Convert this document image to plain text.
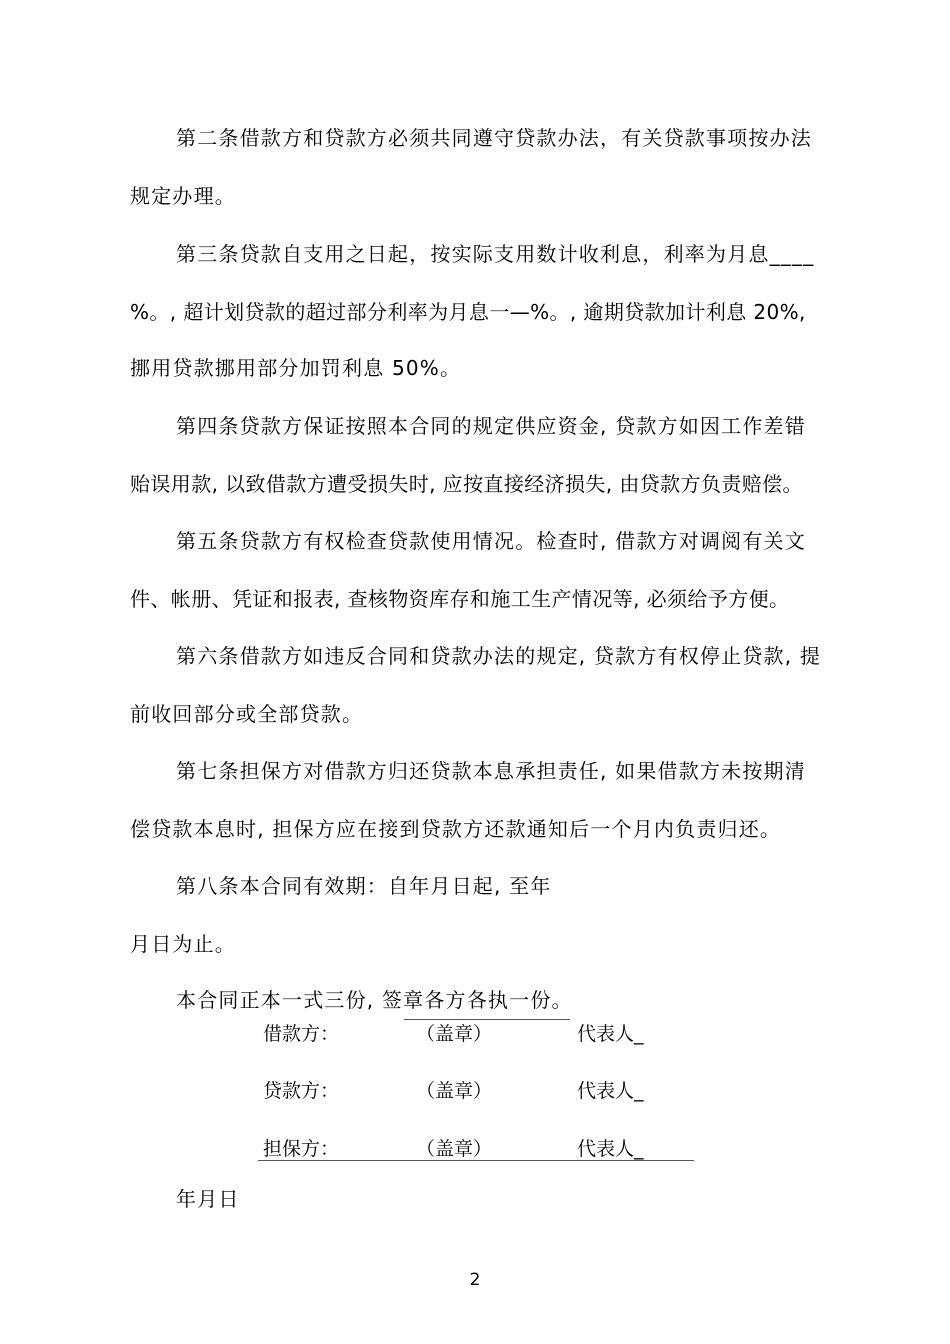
第二条借款方和贷款方必须共同遵守贷款办法，有关贷款事项按办法
规定办理。
第三条贷款自支用之日起，按实际支用数计收利息，利率为月息____
%。, 超计划贷款的超过部分利率为月息一—%。, 逾期贷款加计利息 20%,
挪用贷款挪用部分加罚利息 50%。
第四条贷款方保证按照本合同的规定供应资金, 贷款方如因工作差错
贻误用款, 以致借款方遭受损失时, 应按直接经济损失, 由贷款方负责赔偿。
第五条贷款方有权检查贷款使用情况。检查时, 借款方对调阅有关文
件、帐册、凭证和报表, 查核物资库存和施工生产情况等, 必须给予方便。
第六条借款方如违反合同和贷款办法的规定, 贷款方有权停止贷款, 提
前收回部分或全部贷款。
第七条担保方对借款方归还贷款本息承担责任, 如果借款方未按期清
偿贷款本息时, 担保方应在接到贷款方还款通知后一个月内负责归还。
第八条本合同有效期：自年月日起, 至年
月日为止。
本合同正本一式三份, 签章各方各执一份。
借款方：	（盖章）	代表人_
贷款方：	（盖章）	代表人_
担保方：	（盖章）	代表人_
年月日
2
